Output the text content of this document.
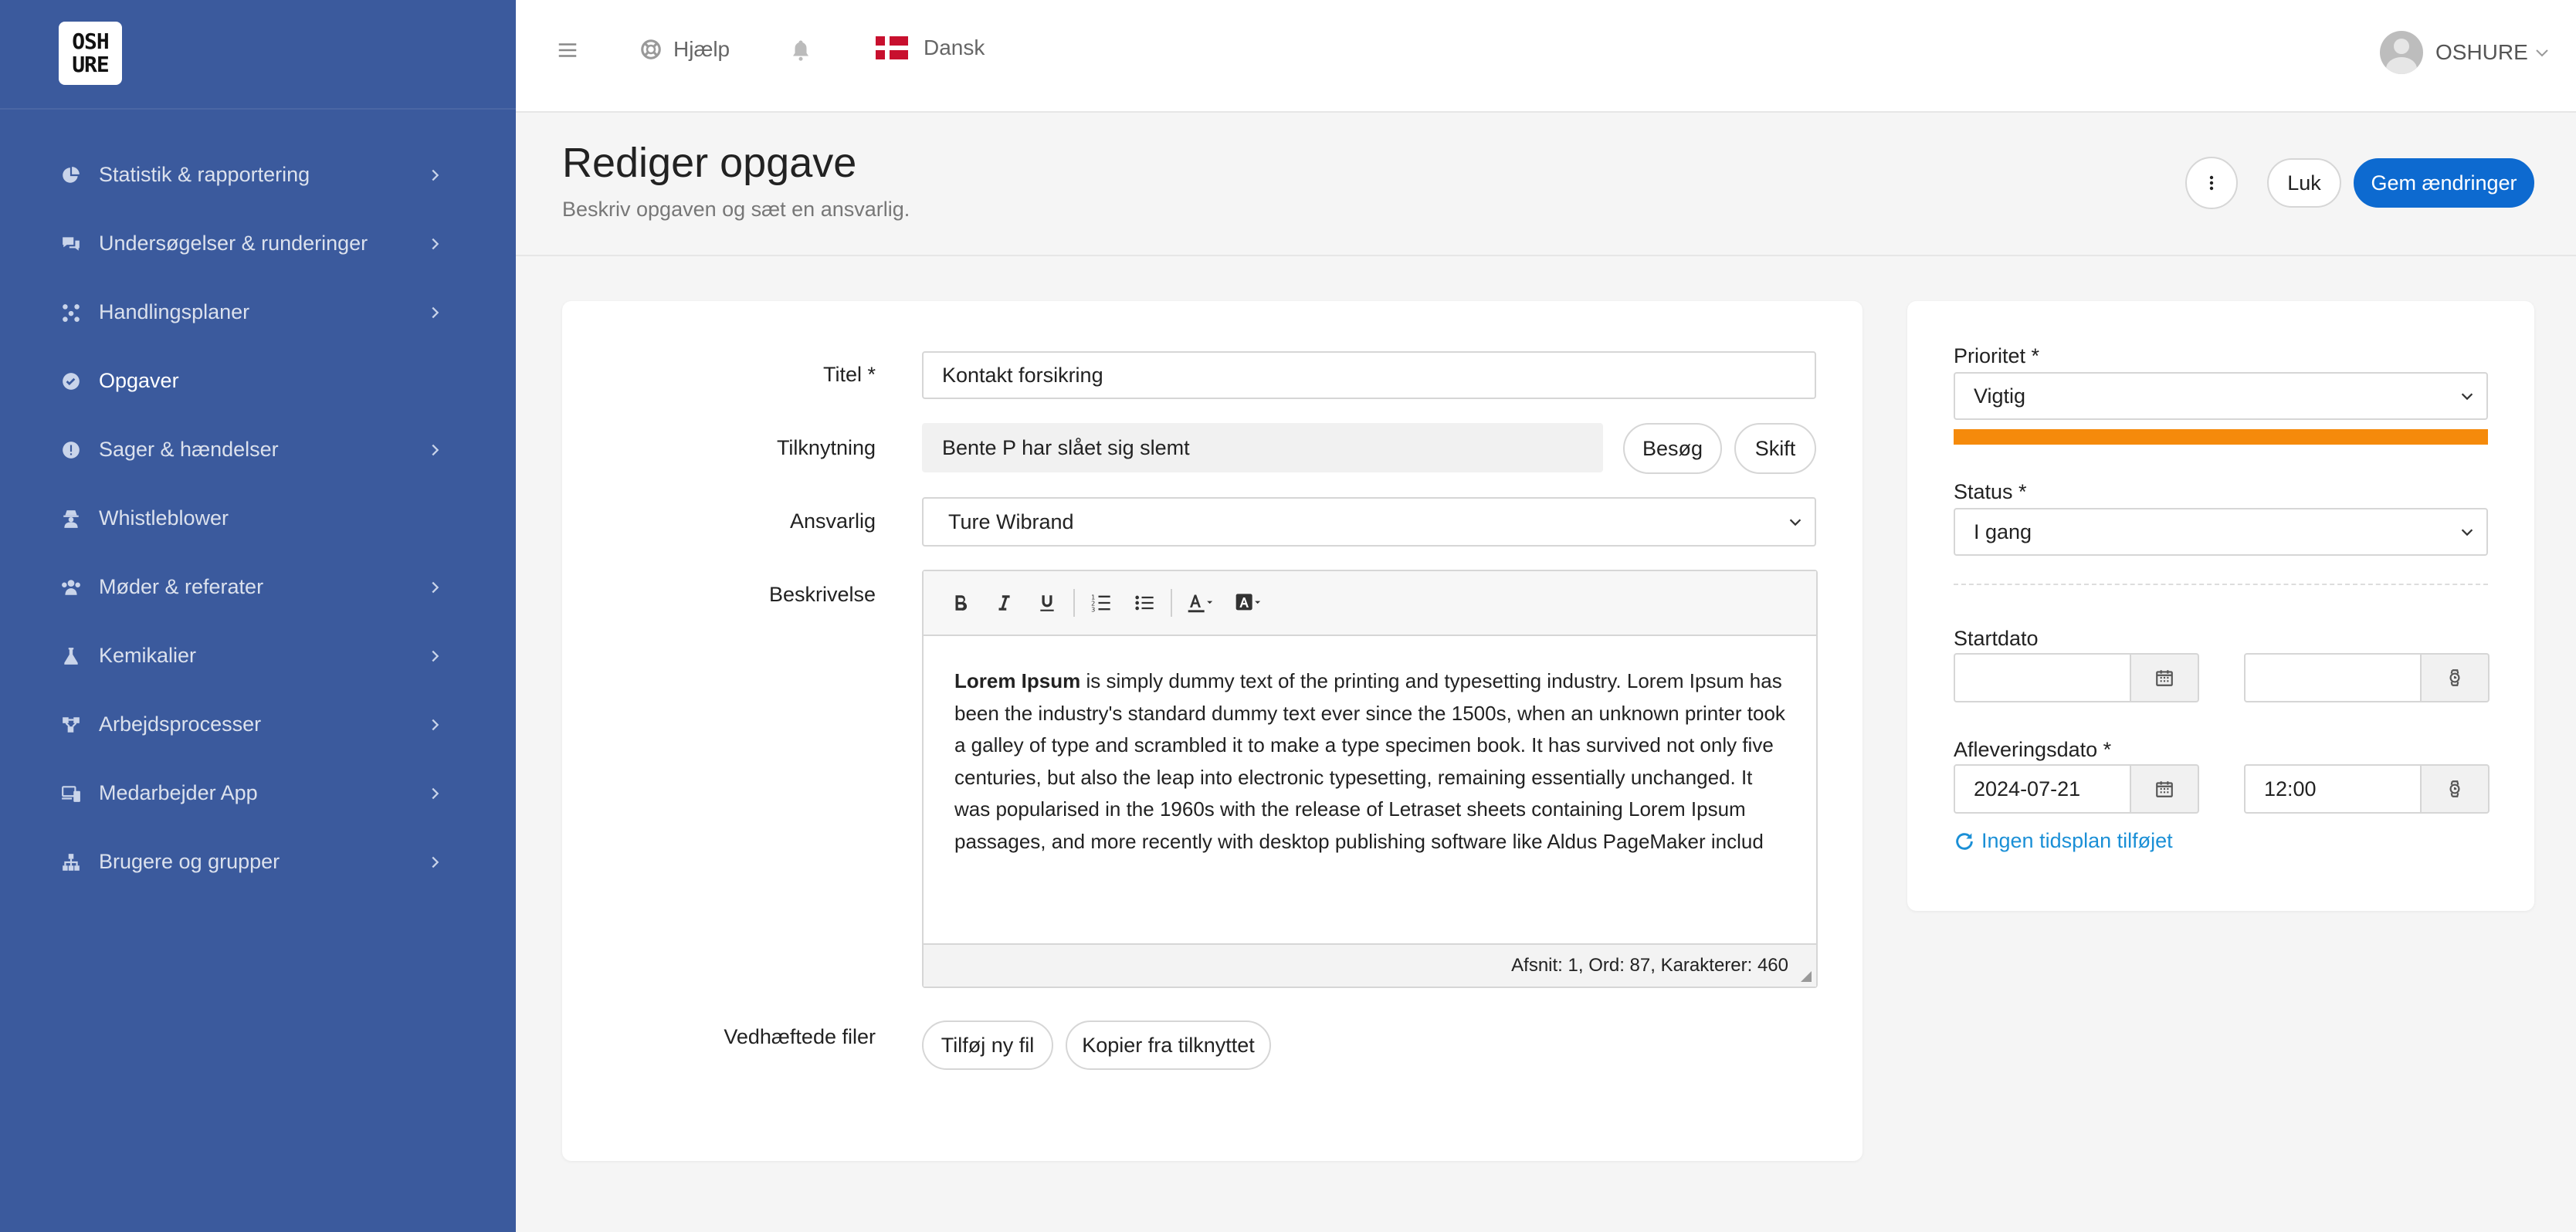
OSH
URE
Statistik & rapportering
Undersøgelser & runderinger
Handlingsplaner
Opgaver
Sager & hændelser
Whistleblower
Møder & referater
Kemikalier
Arbejdsprocesser
Medarbejder App
Brugere og grupper
Hjælp	Dansk	OSHURE
Rediger opgave
Beskriv opgaven og sæt en ansvarlig.
Luk	Gem ændringer
Titel *	Kontakt forsikring
Tilknytning	Bente P har slået sig slemt	Besøg	Skift
Ansvarlig	Ture Wibrand
Beskrivelse	1
2
3
Lorem Ipsum is simply dummy text of the printing and typesetting industry. Lorem Ipsum has
been the industry's standard dummy text ever since the 1500s, when an unknown printer took
a galley of type and scrambled it to make a type specimen book. It has survived not only five
centuries, but also the leap into electronic typesetting, remaining essentially unchanged. It
was popularised in the 1960s with the release of Letraset sheets containing Lorem Ipsum
passages, and more recently with desktop publishing software like Aldus PageMaker includ
Afsnit: 1, Ord: 87, Karakterer: 460
Vedhæftede filer	Tilføj ny fil	Kopier fra tilknyttet
Prioritet *
Vigtig
Status *
I gang
Startdato
Afleveringsdato *
2024-07-21	12:00
Ingen tidsplan tilføjet
